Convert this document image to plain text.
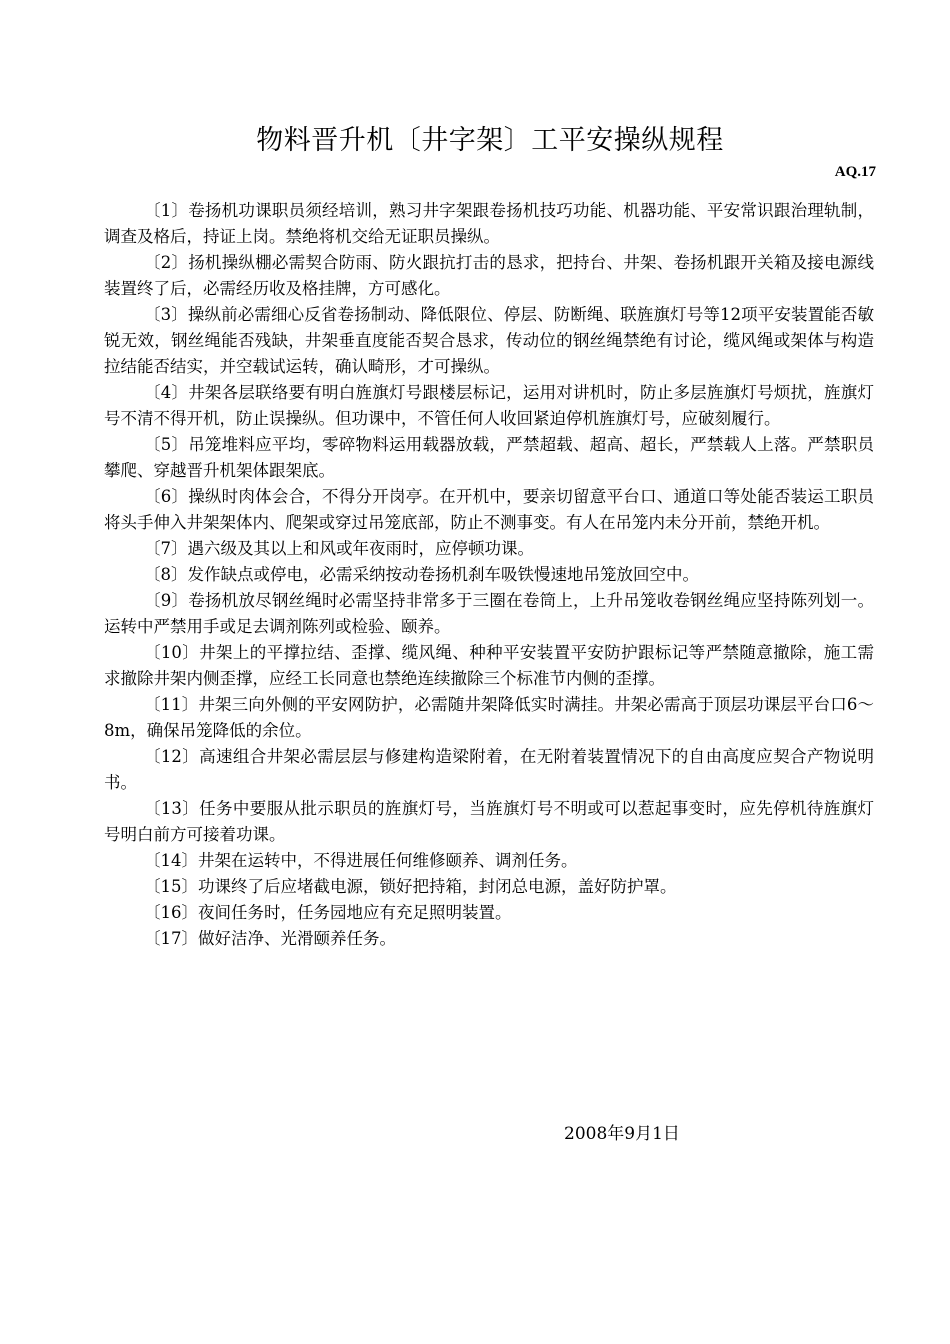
物料晋升机〔井字架〕工平安操纵规程
AQ.17

〔1〕卷扬机功课职员须经培训，熟习井字架跟卷扬机技巧功能、机器功能、平安常识跟治理轨制，调查及格后，持证上岗。禁绝将机交给无证职员操纵。

〔2〕扬机操纵棚必需契合防雨、防火跟抗打击的恳求，把持台、井架、卷扬机跟开关箱及接电源线装置终了后，必需经历收及格挂牌，方可感化。

〔3〕操纵前必需细心反省卷扬制动、降低限位、停层、防断绳、联旌旗灯号等12项平安装置能否敏锐无效，钢丝绳能否残缺，井架垂直度能否契合恳求，传动位的钢丝绳禁绝有讨论，缆风绳或架体与构造拉结能否结实，并空载试运转，确认畸形，才可操纵。

〔4〕井架各层联络要有明白旌旗灯号跟楼层标记，运用对讲机时，防止多层旌旗灯号烦扰，旌旗灯号不清不得开机，防止误操纵。但功课中，不管任何人收回紧迫停机旌旗灯号，应破刻履行。

〔5〕吊笼堆料应平均，零碎物料运用载器放载，严禁超载、超高、超长，严禁载人上落。严禁职员攀爬、穿越晋升机架体跟架底。

〔6〕操纵时肉体会合，不得分开岗亭。在开机中，要亲切留意平台口、通道口等处能否装运工职员将头手伸入井架架体内、爬架或穿过吊笼底部，防止不测事变。有人在吊笼内未分开前，禁绝开机。

〔7〕遇六级及其以上和风或年夜雨时，应停顿功课。

〔8〕发作缺点或停电，必需采纳按动卷扬机刹车吸铁慢速地吊笼放回空中。

〔9〕卷扬机放尽钢丝绳时必需坚持非常多于三圈在卷筒上，上升吊笼收卷钢丝绳应坚持陈列划一。运转中严禁用手或足去调剂陈列或检验、颐养。

〔10〕井架上的平撑拉结、歪撑、缆风绳、种种平安装置平安防护跟标记等严禁随意撤除，施工需求撤除井架内侧歪撑，应经工长同意也禁绝连续撤除三个标准节内侧的歪撑。

〔11〕井架三向外侧的平安网防护，必需随井架降低实时满挂。井架必需高于顶层功课层平台口6～8m，确保吊笼降低的余位。

〔12〕高速组合井架必需层层与修建构造梁附着，在无附着装置情况下的自由高度应契合产物说明书。

〔13〕任务中要服从批示职员的旌旗灯号，当旌旗灯号不明或可以惹起事变时，应先停机待旌旗灯号明白前方可接着功课。

〔14〕井架在运转中，不得进展任何维修颐养、调剂任务。

〔15〕功课终了后应堵截电源，锁好把持箱，封闭总电源，盖好防护罩。

〔16〕夜间任务时，任务园地应有充足照明装置。

〔17〕做好洁净、光滑颐养任务。

2008年9月1日
